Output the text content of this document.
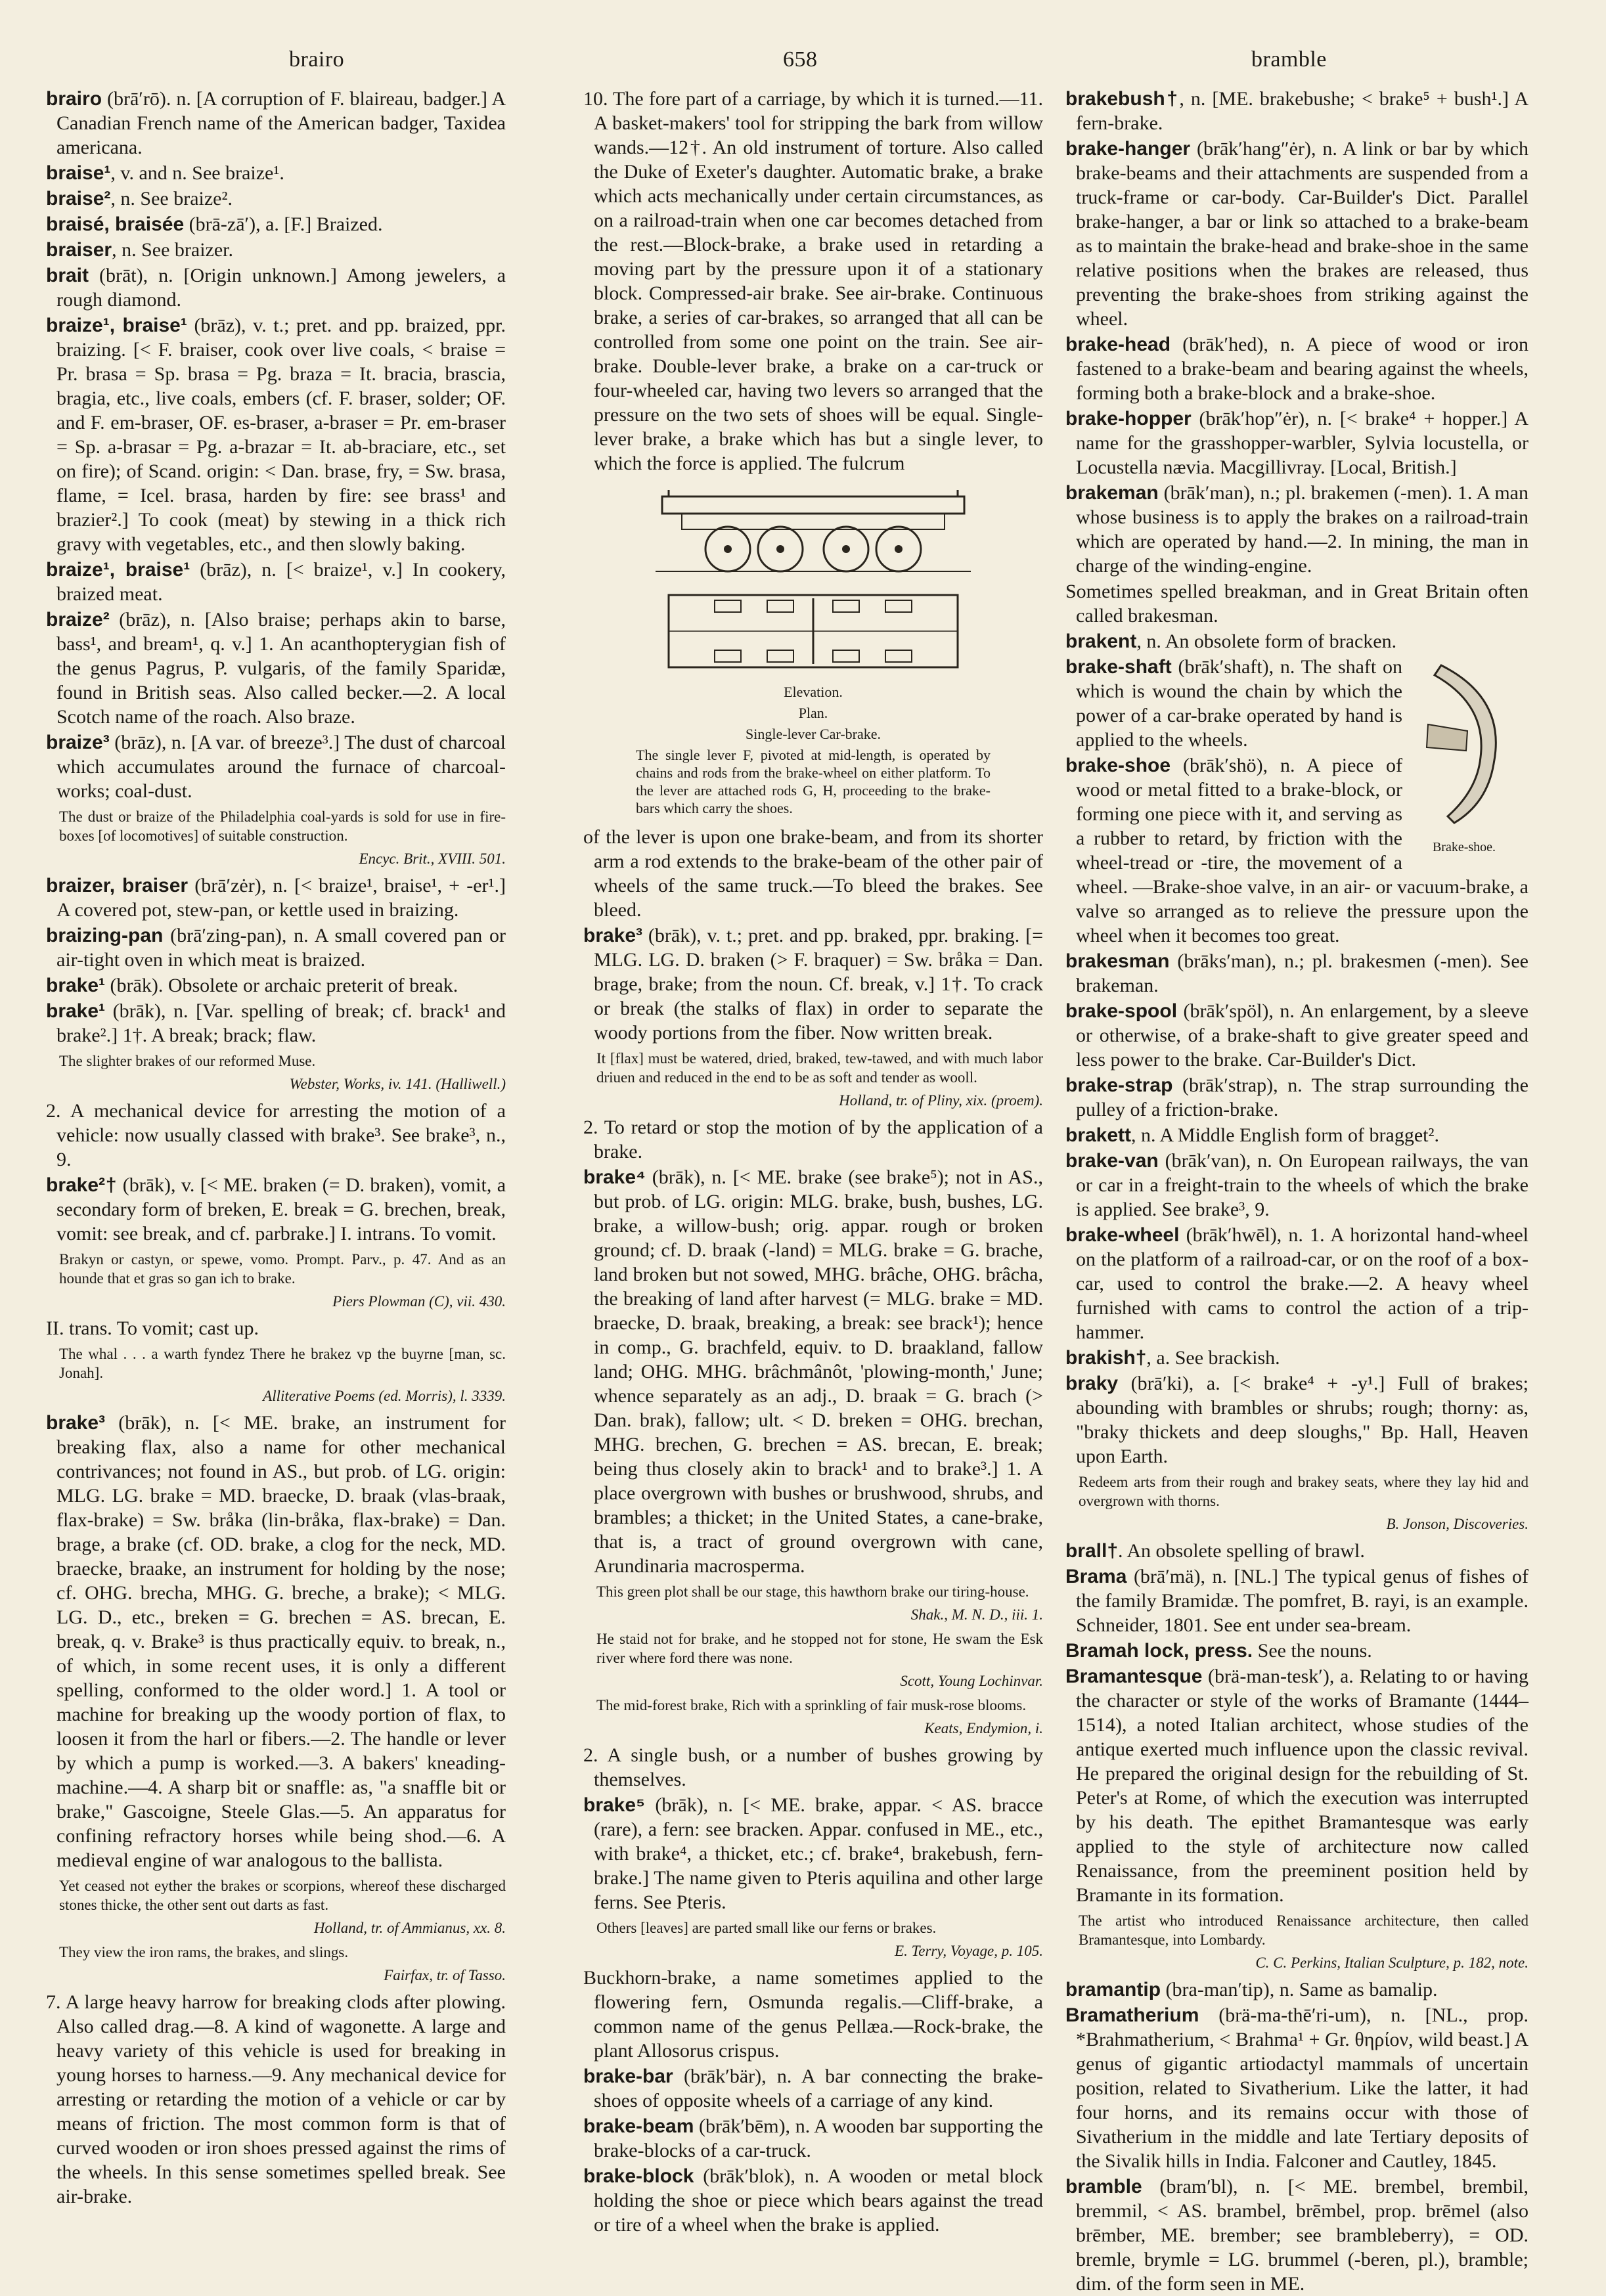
brairo	658	bramble
brairo (brā′rō). n. [A corruption of F. blaireau, badger.] A Canadian French name of the American badger, Taxidea americana.
braise¹, v. and n. See braize¹.
braise², n. See braize².
braisé, braisée (brā-zā′), a. [F.] Braized.
braiser, n. See braizer.
brait (brāt), n. [Origin unknown.] Among jewelers, a rough diamond.
braize¹, braise¹ (brāz), v. t.; pret. and pp. braized, ppr. braizing. [< F. braiser, cook over live coals, < braise = Pr. brasa = Sp. brasa = Pg. braza = It. bracia, brascia, bragia, etc., live coals, embers (cf. F. braser, solder; OF. and F. em-braser, OF. es-braser, a-braser = Pr. em-braser = Sp. a-brasar = Pg. a-brazar = It. ab-braciare, etc., set on fire); of Scand. origin: < Dan. brase, fry, = Sw. brasa, flame, = Icel. brasa, harden by fire: see brass¹ and brazier².] To cook (meat) by stewing in a thick rich gravy with vegetables, etc., and then slowly baking.
braize¹, braise¹ (brāz), n. [< braize¹, v.] In cookery, braized meat.
braize² (brāz), n. [Also braise; perhaps akin to barse, bass¹, and bream¹, q. v.] 1. An acanthopterygian fish of the genus Pagrus, P. vulgaris, of the family Sparidæ, found in British seas. Also called becker.—2. A local Scotch name of the roach. Also braze.
braize³ (brāz), n. [A var. of breeze³.] The dust of charcoal which accumulates around the furnace of charcoal-works; coal-dust.
The dust or braize of the Philadelphia coal-yards is sold for use in fire-boxes [of locomotives] of suitable construction.
Encyc. Brit., XVIII. 501.
braizer, braiser (brā′zėr), n. [< braize¹, braise¹, + -er¹.] A covered pot, stew-pan, or kettle used in braizing.
braizing-pan (brā′zing-pan), n. A small covered pan or air-tight oven in which meat is braized.
brake¹ (brāk). Obsolete or archaic preterit of break.
brake¹ (brāk), n. [Var. spelling of break; cf. brack¹ and brake².] 1†. A break; brack; flaw.
The slighter brakes of our reformed Muse.
Webster, Works, iv. 141. (Halliwell.)
2. A mechanical device for arresting the motion of a vehicle: now usually classed with brake³. See brake³, n., 9.
brake²† (brāk), v. [< ME. braken (= D. braken), vomit, a secondary form of breken, E. break = G. brechen, break, vomit: see break, and cf. parbrake.] I. intrans. To vomit.
Brakyn or castyn, or spewe, vomo. Prompt. Parv., p. 47. And as an hounde that et gras so gan ich to brake.
Piers Plowman (C), vii. 430.
II. trans. To vomit; cast up.
The whal . . . a warth fyndez There he brakez vp the buyrne [man, sc. Jonah].
Alliterative Poems (ed. Morris), l. 3339.
brake³ (brāk), n. [< ME. brake, an instrument for breaking flax, also a name for other mechanical contrivances; not found in AS., but prob. of LG. origin: MLG. LG. brake = MD. braecke, D. braak (vlas-braak, flax-brake) = Sw. bråka (lin-bråka, flax-brake) = Dan. brage, a brake (cf. OD. brake, a clog for the neck, MD. braecke, braake, an instrument for holding by the nose; cf. OHG. brecha, MHG. G. breche, a brake); < MLG. LG. D., etc., breken = G. brechen = AS. brecan, E. break, q. v. Brake³ is thus practically equiv. to break, n., of which, in some recent uses, it is only a different spelling, conformed to the older word.] 1. A tool or machine for breaking up the woody portion of flax, to loosen it from the harl or fibers.—2. The handle or lever by which a pump is worked.—3. A bakers' kneading-machine.—4. A sharp bit or snaffle: as, "a snaffle bit or brake," Gascoigne, Steele Glas.—5. An apparatus for confining refractory horses while being shod.—6. A medieval engine of war analogous to the ballista.
Yet ceased not eyther the brakes or scorpions, whereof these discharged stones thicke, the other sent out darts as fast.
Holland, tr. of Ammianus, xx. 8.
They view the iron rams, the brakes, and slings.
Fairfax, tr. of Tasso.
7. A large heavy harrow for breaking clods after plowing. Also called drag.—8. A kind of wagonette. A large and heavy variety of this vehicle is used for breaking in young horses to harness.—9. Any mechanical device for arresting or retarding the motion of a vehicle or car by means of friction. The most common form is that of curved wooden or iron shoes pressed against the rims of the wheels. In this sense sometimes spelled break. See air-brake.
10. The fore part of a carriage, by which it is turned.—11. A basket-makers' tool for stripping the bark from willow wands.—12†. An old instrument of torture. Also called the Duke of Exeter's daughter. Automatic brake, a brake which acts mechanically under certain circumstances, as on a railroad-train when one car becomes detached from the rest.—Block-brake, a brake used in retarding a moving part by the pressure upon it of a stationary block. Compressed-air brake. See air-brake. Continuous brake, a series of car-brakes, so arranged that all can be controlled from some one point on the train. See air-brake. Double-lever brake, a brake on a car-truck or four-wheeled car, having two levers so arranged that the pressure on the two sets of shoes will be equal. Single-lever brake, a brake which has but a single lever, to which the force is applied. The fulcrum
Elevation.
Plan.
Single-lever Car-brake.
The single lever F, pivoted at mid-length, is operated by chains and rods from the brake-wheel on either platform. To the lever are attached rods G, H, proceeding to the brake-bars which carry the shoes.
of the lever is upon one brake-beam, and from its shorter arm a rod extends to the brake-beam of the other pair of wheels of the same truck.—To bleed the brakes. See bleed.
brake³ (brāk), v. t.; pret. and pp. braked, ppr. braking. [= MLG. LG. D. braken (> F. braquer) = Sw. bråka = Dan. brage, brake; from the noun. Cf. break, v.] 1†. To crack or break (the stalks of flax) in order to separate the woody portions from the fiber. Now written break.
It [flax] must be watered, dried, braked, tew-tawed, and with much labor driuen and reduced in the end to be as soft and tender as wooll.
Holland, tr. of Pliny, xix. (proem).
2. To retard or stop the motion of by the application of a brake.
brake⁴ (brāk), n. [< ME. brake (see brake⁵); not in AS., but prob. of LG. origin: MLG. brake, bush, bushes, LG. brake, a willow-bush; orig. appar. rough or broken ground; cf. D. braak (-land) = MLG. brake = G. brache, land broken but not sowed, MHG. brâche, OHG. brâcha, the breaking of land after harvest (= MLG. brake = MD. braecke, D. braak, breaking, a break: see brack¹); hence in comp., G. brachfeld, equiv. to D. braakland, fallow land; OHG. MHG. brâchmânôt, 'plowing-month,' June; whence separately as an adj., D. braak = G. brach (> Dan. brak), fallow; ult. < D. breken = OHG. brechan, MHG. brechen, G. brechen = AS. brecan, E. break; being thus closely akin to brack¹ and to brake³.] 1. A place overgrown with bushes or brushwood, shrubs, and brambles; a thicket; in the United States, a cane-brake, that is, a tract of ground overgrown with cane, Arundinaria macrosperma.
This green plot shall be our stage, this hawthorn brake our tiring-house.
Shak., M. N. D., iii. 1.
He staid not for brake, and he stopped not for stone, He swam the Esk river where ford there was none.
Scott, Young Lochinvar.
The mid-forest brake, Rich with a sprinkling of fair musk-rose blooms.
Keats, Endymion, i.
2. A single bush, or a number of bushes growing by themselves.
brake⁵ (brāk), n. [< ME. brake, appar. < AS. bracce (rare), a fern: see bracken. Appar. confused in ME., etc., with brake⁴, a thicket, etc.; cf. brake⁴, brakebush, fern-brake.] The name given to Pteris aquilina and other large ferns. See Pteris.
Others [leaves] are parted small like our ferns or brakes.
E. Terry, Voyage, p. 105.
Buckhorn-brake, a name sometimes applied to the flowering fern, Osmunda regalis.—Cliff-brake, a common name of the genus Pellæa.—Rock-brake, the plant Allosorus crispus.
brake-bar (brāk′bär), n. A bar connecting the brake-shoes of opposite wheels of a carriage of any kind.
brake-beam (brāk′bēm), n. A wooden bar supporting the brake-blocks of a car-truck.
brake-block (brāk′blok), n. A wooden or metal block holding the shoe or piece which bears against the tread or tire of a wheel when the brake is applied.
brakebush†, n. [ME. brakebushe; < brake⁵ + bush¹.] A fern-brake.
brake-hanger (brāk′hang″ėr), n. A link or bar by which brake-beams and their attachments are suspended from a truck-frame or car-body. Car-Builder's Dict. Parallel brake-hanger, a bar or link so attached to a brake-beam as to maintain the brake-head and brake-shoe in the same relative positions when the brakes are released, thus preventing the brake-shoes from striking against the wheel.
brake-head (brāk′hed), n. A piece of wood or iron fastened to a brake-beam and bearing against the wheels, forming both a brake-block and a brake-shoe.
brake-hopper (brāk′hop″ėr), n. [< brake⁴ + hopper.] A name for the grasshopper-warbler, Sylvia locustella, or Locustella nævia. Macgillivray. [Local, British.]
brakeman (brāk′man), n.; pl. brakemen (-men). 1. A man whose business is to apply the brakes on a railroad-train which are operated by hand.—2. In mining, the man in charge of the winding-engine.
Sometimes spelled breakman, and in Great Britain often called brakesman.
brakent, n. An obsolete form of bracken.
Brake-shoe.
brake-shaft (brāk′shaft), n. The shaft on which is wound the chain by which the power of a car-brake operated by hand is applied to the wheels.
brake-shoe (brāk′shö), n. A piece of wood or metal fitted to a brake-block, or forming one piece with it, and serving as a rubber to retard, by friction with the wheel-tread or -tire, the movement of a wheel. —Brake-shoe valve, in an air- or vacuum-brake, a valve so arranged as to relieve the pressure upon the wheel when it becomes too great.
brakesman (brāks′man), n.; pl. brakesmen (-men). See brakeman.
brake-spool (brāk′spöl), n. An enlargement, by a sleeve or otherwise, of a brake-shaft to give greater speed and less power to the brake. Car-Builder's Dict.
brake-strap (brāk′strap), n. The strap surrounding the pulley of a friction-brake.
brakett, n. A Middle English form of bragget².
brake-van (brāk′van), n. On European railways, the van or car in a freight-train to the wheels of which the brake is applied. See brake³, 9.
brake-wheel (brāk′hwēl), n. 1. A horizontal hand-wheel on the platform of a railroad-car, or on the roof of a box-car, used to control the brake.—2. A heavy wheel furnished with cams to control the action of a trip-hammer.
brakish†, a. See brackish.
braky (brā′ki), a. [< brake⁴ + -y¹.] Full of brakes; abounding with brambles or shrubs; rough; thorny: as, "braky thickets and deep sloughs," Bp. Hall, Heaven upon Earth.
Redeem arts from their rough and brakey seats, where they lay hid and overgrown with thorns.
B. Jonson, Discoveries.
brall†. An obsolete spelling of brawl.
Brama (brā′mä), n. [NL.] The typical genus of fishes of the family Bramidæ. The pomfret, B. rayi, is an example. Schneider, 1801. See ent under sea-bream.
Bramah lock, press. See the nouns.
Bramantesque (brä-man-tesk′), a. Relating to or having the character or style of the works of Bramante (1444–1514), a noted Italian architect, whose studies of the antique exerted much influence upon the classic revival. He prepared the original design for the rebuilding of St. Peter's at Rome, of which the execution was interrupted by his death. The epithet Bramantesque was early applied to the style of architecture now called Renaissance, from the preeminent position held by Bramante in its formation.
The artist who introduced Renaissance architecture, then called Bramantesque, into Lombardy.
C. C. Perkins, Italian Sculpture, p. 182, note.
bramantip (bra-man′tip), n. Same as bamalip.
Bramatherium (brä-ma-thē′ri-um), n. [NL., prop. *Brahmatherium, < Brahma¹ + Gr. θηρίον, wild beast.] A genus of gigantic artiodactyl mammals of uncertain position, related to Sivatherium. Like the latter, it had four horns, and its remains occur with those of Sivatherium in the middle and late Tertiary deposits of the Sivalik hills in India. Falconer and Cautley, 1845.
bramble (bram′bl), n. [< ME. brembel, brembil, bremmil, < AS. brambel, brēmbel, prop. brēmel (also brēmber, ME. brember; see brambleberry), = OD. bremle, brymle = LG. brummel (-beren, pl.), bramble; dim. of the form seen in ME.
